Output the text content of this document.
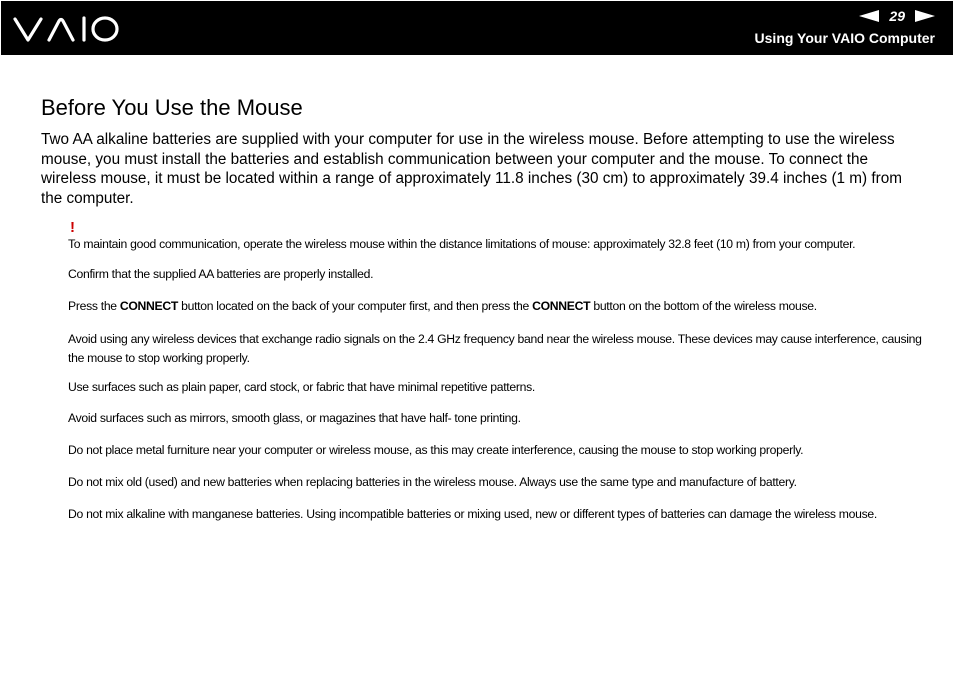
29
Using Your VAIO Computer
Before You Use the Mouse

Two AA alkaline batteries are supplied with your computer for use in the wireless mouse. Before attempting to use the wireless mouse, you must install the batteries and establish communication between your computer and the mouse. To connect the wireless mouse, it must be located within a range of approximately 11.8 inches (30 cm) to approximately 39.4 inches (1 m) from the computer.

!

To maintain good communication, operate the wireless mouse within the distance limitations of mouse: approximately 32.8 feet (10 m) from your computer.

Confirm that the supplied AA batteries are properly installed.

Press the CONNECT button located on the back of your computer first, and then press the CONNECT button on the bottom of the wireless mouse.

Avoid using any wireless devices that exchange radio signals on the 2.4 GHz frequency band near the wireless mouse. These devices may cause interference, causing the mouse to stop working properly.

Use surfaces such as plain paper, card stock, or fabric that have minimal repetitive patterns.

Avoid surfaces such as mirrors, smooth glass, or magazines that have half- tone printing.

Do not place metal furniture near your computer or wireless mouse, as this may create interference, causing the mouse to stop working properly.

Do not mix old (used) and new batteries when replacing batteries in the wireless mouse. Always use the same type and manufacture of battery.

Do not mix alkaline with manganese batteries. Using incompatible batteries or mixing used, new or different types of batteries can damage the wireless mouse.
